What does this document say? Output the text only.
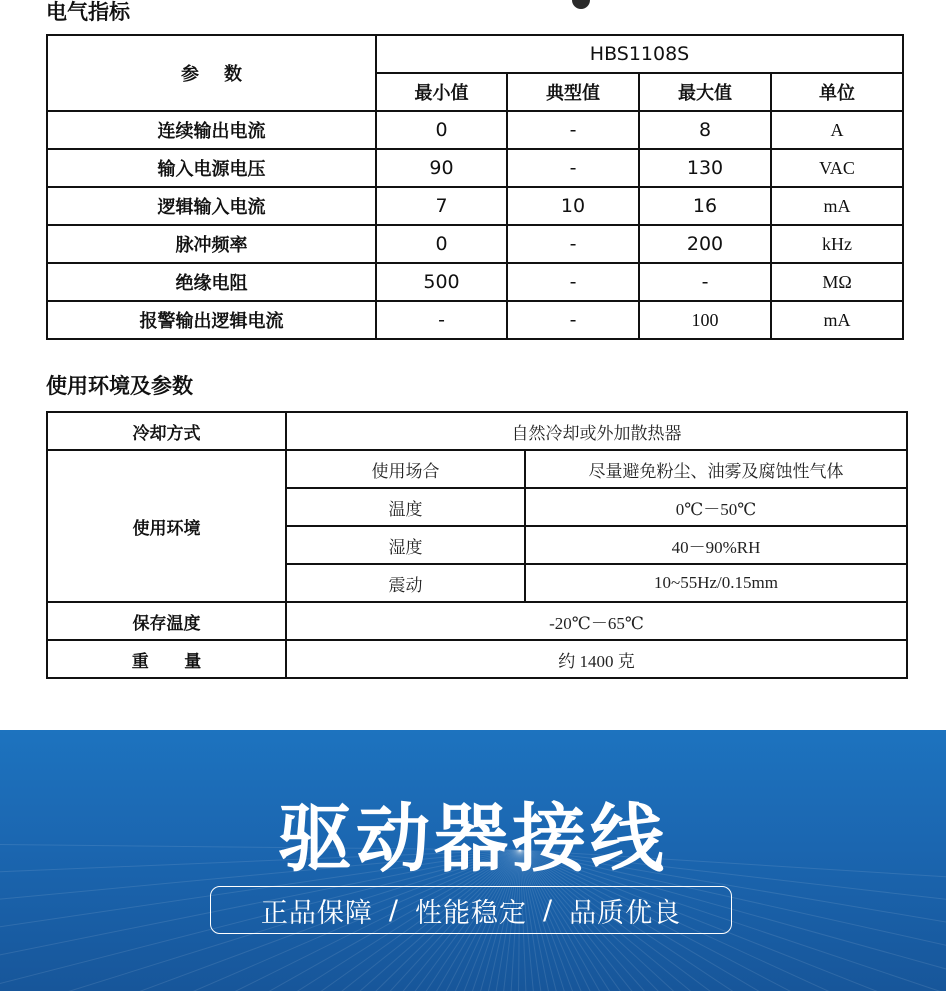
电气指标
参    数	HBS1108S			
	最小值	典型值	最大值	单位
连续输出电流	0	-	8	A
输入电源电压	90	-	130	VAC
逻辑输入电流	7	10	16	mA
脉冲频率	0	-	200	kHz
绝缘电阻	500	-	-	MΩ
报警输出逻辑电流	-	-	100	mA
使用环境及参数
冷却方式	自然冷却或外加散热器	
使用环境	使用场合	尽量避免粉尘、油雾及腐蚀性气体
	温度	0℃－50℃
	湿度	40－90%RH
	震动	10~55Hz/0.15mm
保存温度	-20℃－65℃	
重      量	约 1400 克	
驱动器接线
正品保障 / 性能稳定 / 品质优良
